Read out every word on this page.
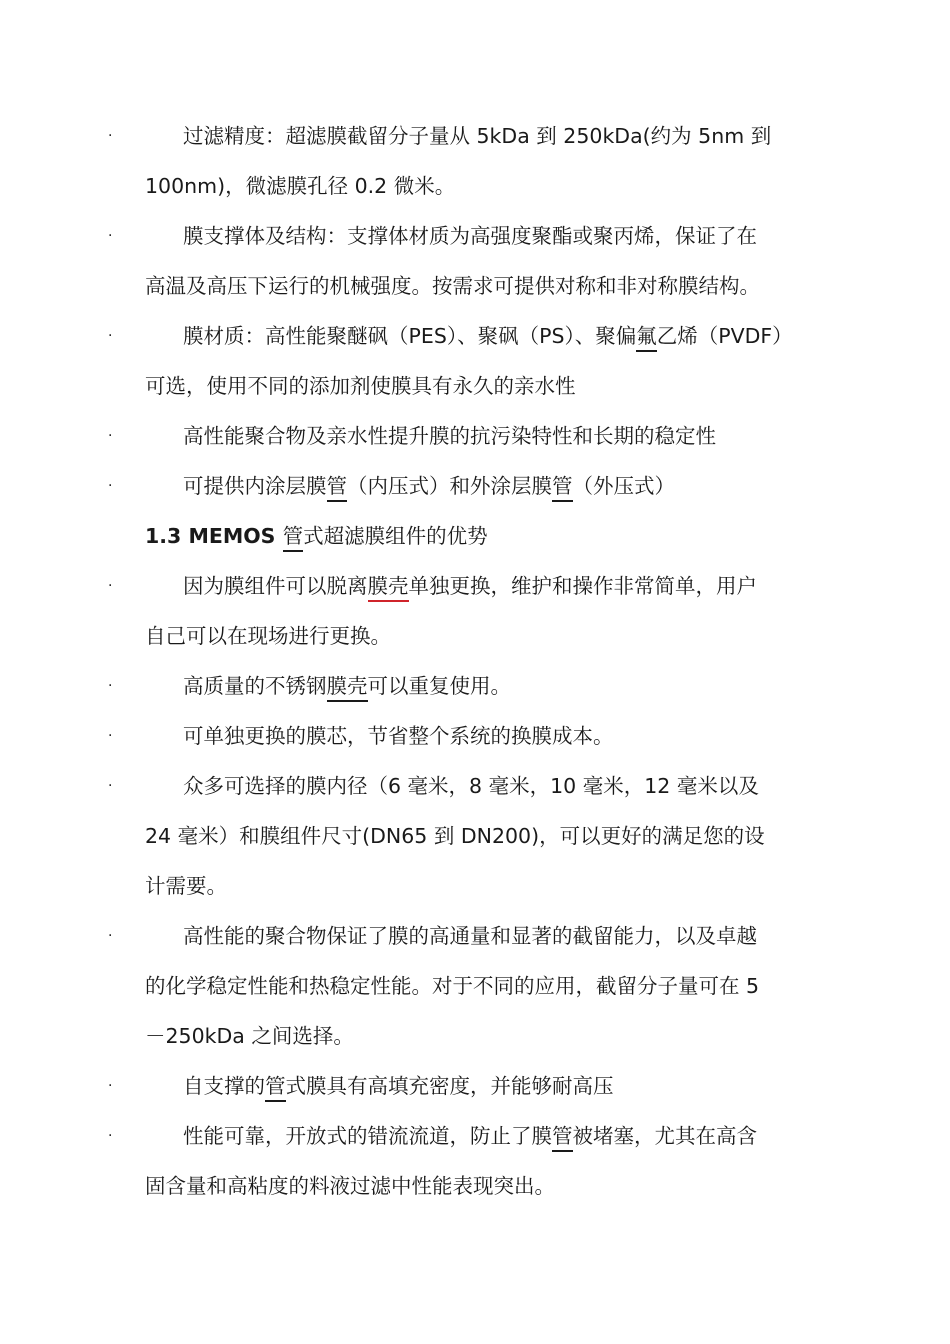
·	过滤精度：超滤膜截留分子量从 5kDa 到 250kDa(约为 5nm 到
100nm)，微滤膜孔径 0.2 微米。
·	膜支撑体及结构：支撑体材质为高强度聚酯或聚丙烯，保证了在
高温及高压下运行的机械强度。按需求可提供对称和非对称膜结构。
·	膜材质：高性能聚醚砜（PES）、聚砜（PS）、聚偏氟乙烯（PVDF）
可选，使用不同的添加剂使膜具有永久的亲水性
·	高性能聚合物及亲水性提升膜的抗污染特性和长期的稳定性
·	可提供内涂层膜管（内压式）和外涂层膜管（外压式）
1.3 MEMOS 管式超滤膜组件的优势
·	因为膜组件可以脱离膜壳单独更换，维护和操作非常简单，用户
自己可以在现场进行更换。
·	高质量的不锈钢膜壳可以重复使用。
·	可单独更换的膜芯，节省整个系统的换膜成本。
·	众多可选择的膜内径（6 毫米，8 毫米，10 毫米，12 毫米以及
24 毫米）和膜组件尺寸(DN65 到 DN200)，可以更好的满足您的设
计需要。
·	高性能的聚合物保证了膜的高通量和显著的截留能力，以及卓越
的化学稳定性能和热稳定性能。对于不同的应用，截留分子量可在 5
－250kDa 之间选择。
·	自支撑的管式膜具有高填充密度，并能够耐高压
·	性能可靠，开放式的错流流道，防止了膜管被堵塞，尤其在高含
固含量和高粘度的料液过滤中性能表现突出。
